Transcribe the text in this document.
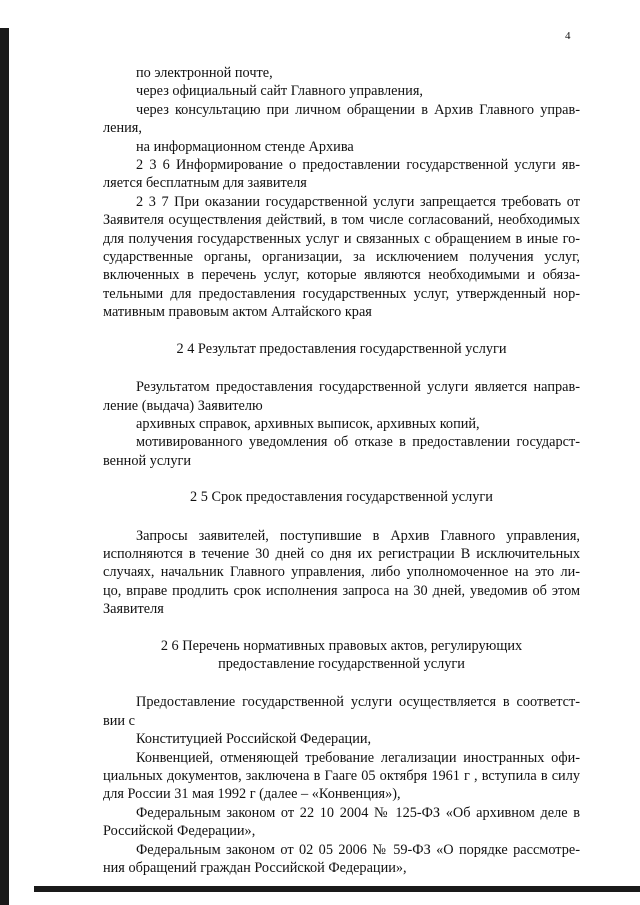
4

по электронной почте,

через официальный сайт Главного управления,

через консультацию при личном обращении в Архив Главного управ-
ления,

на информационном стенде Архива

2 3 6 Информирование о предоставлении государственной услуги яв-
ляется бесплатным для заявителя
2 3 7 При оказании государственной услуги запрещается требовать от
Заявителя осуществления действий, в том числе согласований, необходимых
для получения государственных услуг и связанных с обращением в иные го-
сударственные органы, организации, за исключением получения услуг,
включенных в перечень услуг, которые являются необходимыми и обяза-
тельными для предоставления государственных услуг, утвержденный нор-
мативным правовым актом Алтайского края

2 4 Результат предоставления государственной услуги

Результатом предоставления государственной услуги является направ-
ление (выдача) Заявителю

архивных справок, архивных выписок, архивных копий,

мотивированного уведомления об отказе в предоставлении государст-
венной услуги

2 5 Срок предоставления государственной услуги

Запросы заявителей, поступившие в Архив Главного управления,
исполняются в течение 30 дней со дня их регистрации В исключительных
случаях, начальник Главного управления, либо уполномоченное на это ли-
цо, вправе продлить срок исполнения запроса на 30 дней, уведомив об этом
Заявителя

2 6 Перечень нормативных правовых актов, регулирующих

предоставление государственной услуги

Предоставление государственной услуги осуществляется в соответст-
вии с

Конституцией Российской Федерации,

Конвенцией, отменяющей требование легализации иностранных офи-
циальных документов, заключена в Гааге 05 октября 1961 г , вступила в силу
для России 31 мая 1992 г (далее – «Конвенция»),
Федеральным законом от 22 10 2004 № 125-ФЗ «Об архивном деле в
Российской Федерации»,
Федеральным законом от 02 05 2006 № 59-ФЗ «О порядке рассмотре-
ния обращений граждан Российской Федерации»,
